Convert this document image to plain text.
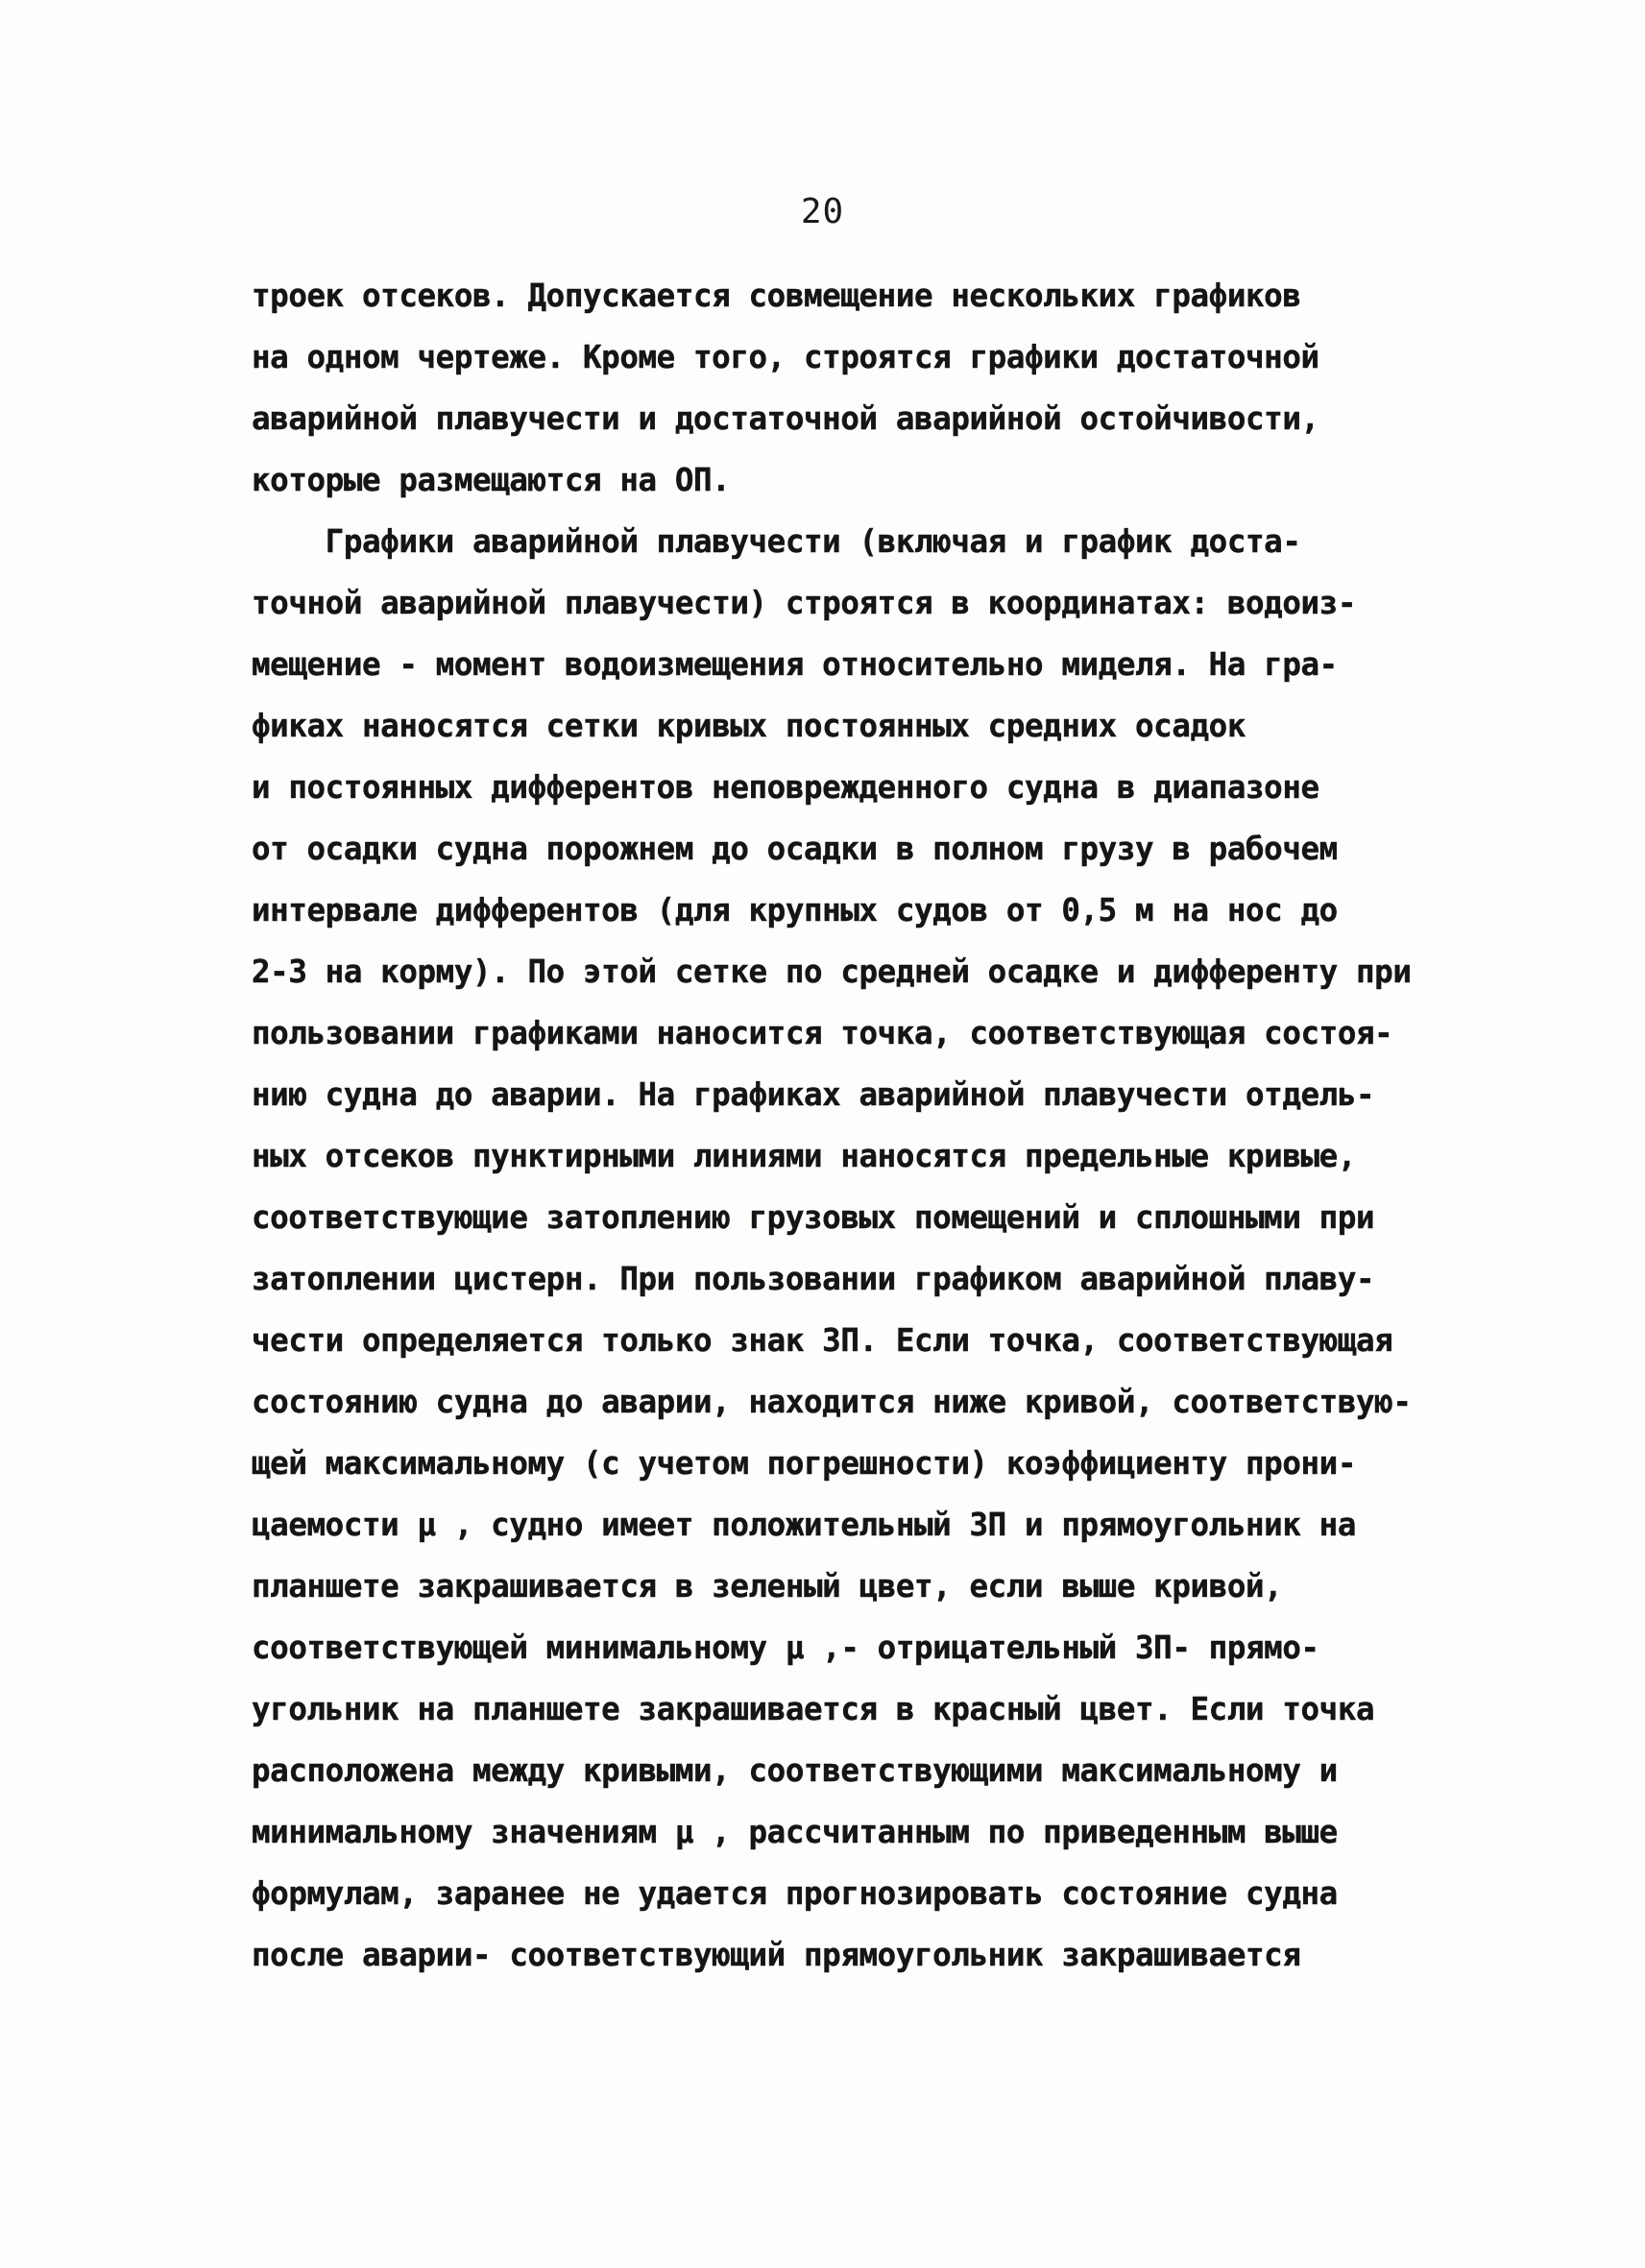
20
троек отсеков. Допускается совмещение нескольких графиков
на одном чертеже. Кроме того, строятся графики достаточной
аварийной плавучести и достаточной аварийной остойчивости,
которые размещаются на ОП.
Графики аварийной плавучести (включая и график доста-
точной аварийной плавучести) строятся в координатах: водоиз-
мещение - момент водоизмещения относительно миделя. На гра-
фиках наносятся сетки кривых постоянных средних осадок
и постоянных дифферентов неповрежденного судна в диапазоне
от осадки судна порожнем до осадки в полном грузу в рабочем
интервале дифферентов (для крупных судов от 0,5 м на нос до
2-3 на корму). По этой сетке по средней осадке и дифференту при
пользовании графиками наносится точка, соответствующая состоя-
нию судна до аварии. На графиках аварийной плавучести отдель-
ных отсеков пунктирными линиями наносятся предельные кривые,
соответствующие затоплению грузовых помещений и сплошными при
затоплении цистерн. При пользовании графиком аварийной плаву-
чести определяется только знак ЗП. Если точка, соответствующая
состоянию судна до аварии, находится ниже кривой, соответствую-
щей максимальному (с учетом погрешности) коэффициенту прони-
цаемости μ , судно имеет положительный ЗП и прямоугольник на
планшете закрашивается в зеленый цвет, если выше кривой,
соответствующей минимальному μ ,- отрицательный ЗП- прямо-
угольник на планшете закрашивается в красный цвет. Если точка
расположена между кривыми, соответствующими максимальному и
минимальному значениям μ , рассчитанным по приведенным выше
формулам, заранее не удается прогнозировать состояние судна
после аварии- соответствующий прямоугольник закрашивается
